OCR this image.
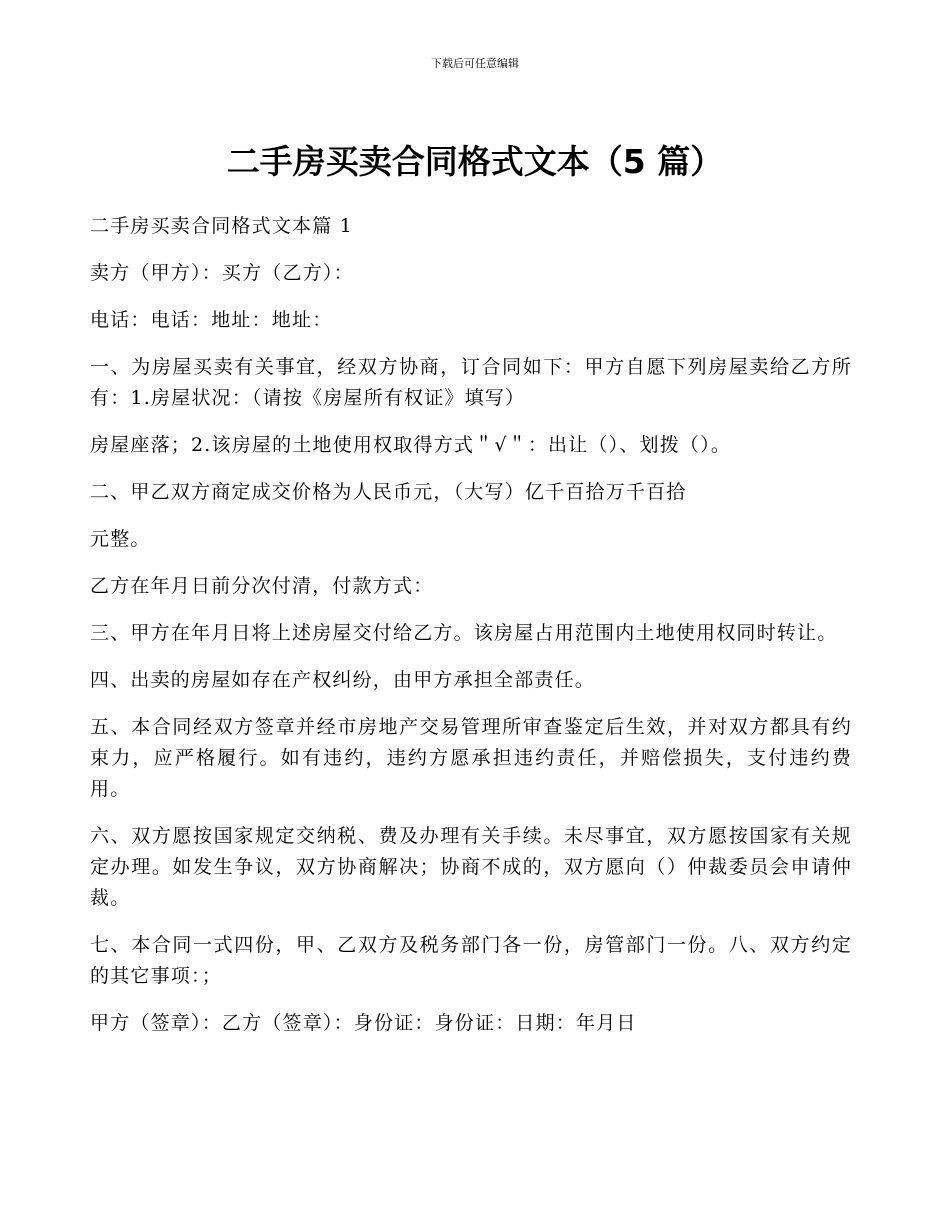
下载后可任意编辑
二手房买卖合同格式文本（5 篇）

二手房买卖合同格式文本篇 1

卖方（甲方）：买方（乙方）：

电话：电话：地址：地址：

一、为房屋买卖有关事宜，经双方协商，订合同如下：甲方自愿下列房屋卖给乙方所有：1.房屋状况：（请按《房屋所有权证》填写）

房屋座落；2.该房屋的土地使用权取得方式＂√＂：出让（）、划拨（）。

二、甲乙双方商定成交价格为人民币元，（大写）亿千百拾万千百拾

元整。

乙方在年月日前分次付清，付款方式：

三、甲方在年月日将上述房屋交付给乙方。该房屋占用范围内土地使用权同时转让。

四、出卖的房屋如存在产权纠纷，由甲方承担全部责任。

五、本合同经双方签章并经市房地产交易管理所审查鉴定后生效，并对双方都具有约束力，应严格履行。如有违约，违约方愿承担违约责任，并赔偿损失，支付违约费用。

六、双方愿按国家规定交纳税、费及办理有关手续。未尽事宜，双方愿按国家有关规定办理。如发生争议，双方协商解决；协商不成的，双方愿向（）仲裁委员会申请仲裁。

七、本合同一式四份，甲、乙双方及税务部门各一份，房管部门一份。八、双方约定的其它事项：；

甲方（签章）：乙方（签章）：身份证：身份证：日期：年月日
